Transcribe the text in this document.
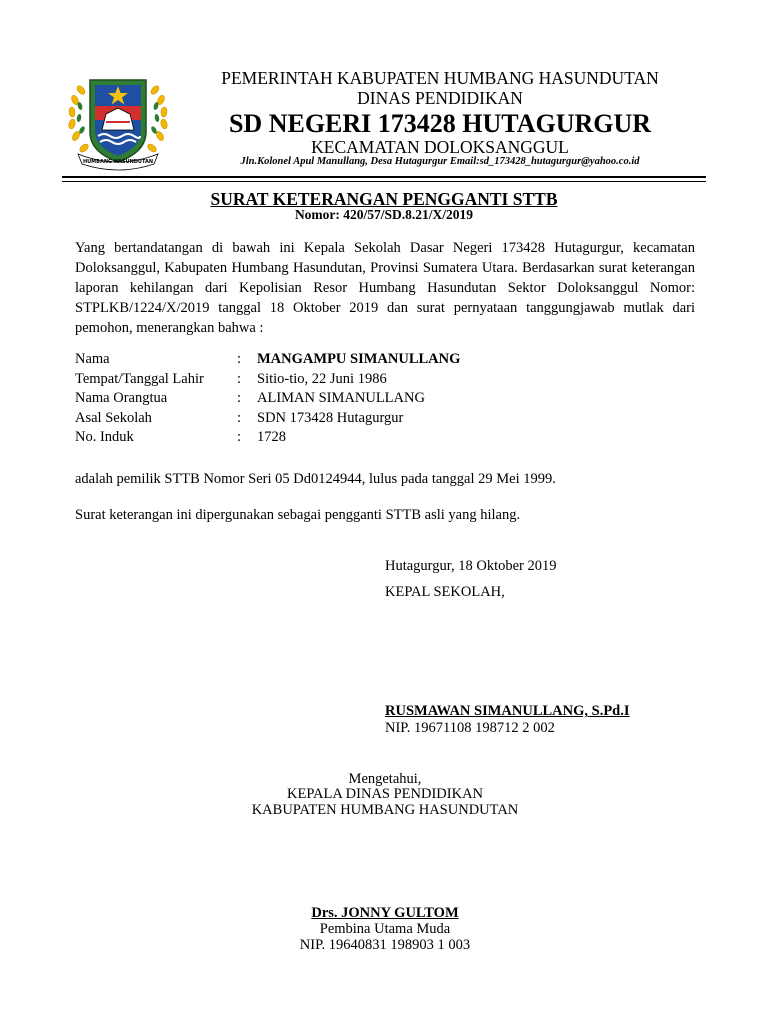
HUMBANG HASUNDUTAN
PEMERINTAH KABUPATEN HUMBANG HASUNDUTAN
DINAS PENDIDIKAN
SD NEGERI 173428 HUTAGURGUR
KECAMATAN DOLOKSANGGUL
Jln.Kolonel Apul Manullang, Desa Hutagurgur Email:sd_173428_hutagurgur@yahoo.co.id
SURAT KETERANGAN PENGGANTI STTB
Nomor: 420/57/SD.8.21/X/2019
Yang bertandatangan di bawah ini Kepala Sekolah Dasar Negeri 173428 Hutagurgur, kecamatan Doloksanggul, Kabupaten Humbang Hasundutan, Provinsi Sumatera Utara. Berdasarkan surat keterangan laporan kehilangan dari Kepolisian Resor Humbang Hasundutan Sektor Doloksanggul Nomor: STPLKB/1224/X/2019 tanggal 18 Oktober 2019 dan surat pernyataan tanggungjawab mutlak dari pemohon, menerangkan bahwa :
Nama	: MANGAMPU SIMANULLANG
Tempat/Tanggal Lahir	: Sitio-tio, 22 Juni 1986
Nama Orangtua	: ALIMAN SIMANULLANG
Asal Sekolah	: SDN 173428 Hutagurgur
No. Induk	: 1728
adalah pemilik STTB Nomor Seri 05 Dd0124944, lulus pada tanggal 29 Mei 1999.
Surat keterangan ini dipergunakan sebagai pengganti STTB asli yang hilang.
Hutagurgur, 18 Oktober 2019
KEPAL SEKOLAH,
RUSMAWAN SIMANULLANG, S.Pd.I
NIP. 19671108 198712 2 002
Mengetahui,
KEPALA DINAS PENDIDIKAN
KABUPATEN HUMBANG HASUNDUTAN
Drs. JONNY GULTOM
Pembina Utama Muda
NIP. 19640831 198903 1 003
